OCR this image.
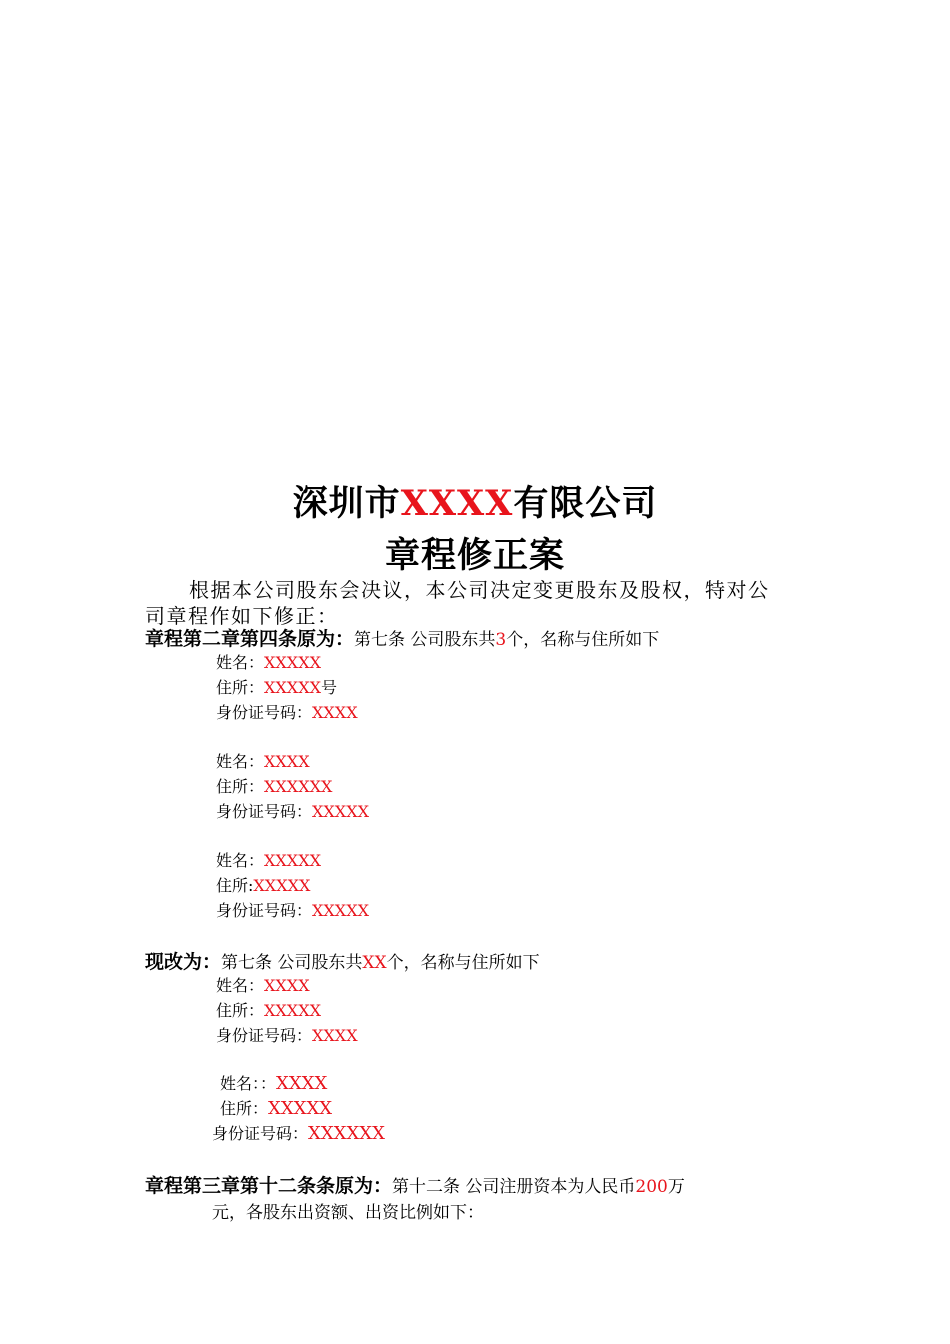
深圳市XXXX有限公司
章程修正案
根据本公司股东会决议，本公司决定变更股东及股权，特对公
司章程作如下修正：
章程第二章第四条原为：第七条 公司股东共3个，名称与住所如下
姓名：XXXXX
住所：XXXXX号
身份证号码：XXXX
姓名：XXXX
住所：XXXXXX
身份证号码：XXXXX
姓名：XXXXX
住所:XXXXX
身份证号码：XXXXX
现改为：第七条 公司股东共XX个，名称与住所如下
姓名：XXXX
住所：XXXXX
身份证号码：XXXX
姓名：：XXXX
住所：XXXXX
身份证号码：XXXXXX
章程第三章第十二条条原为：第十二条 公司注册资本为人民币200万
元，各股东出资额、出资比例如下：
